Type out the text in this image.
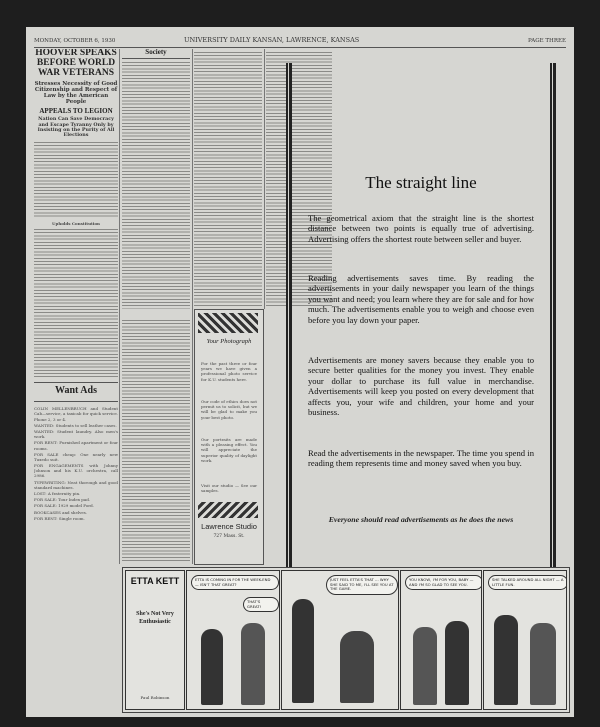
MONDAY, OCTOBER 6, 1930	UNIVERSITY DAILY KANSAN, LAWRENCE, KANSAS	PAGE THREE
HOOVER SPEAKS BEFORE WORLD WAR VETERANS
Stresses Necessity of Good Citizenship and Respect of Law by the American People
APPEALS TO LEGION
Nation Can Save Democracy and Escape Tyranny Only by Insisting on the Purity of All Elections
Upholds Constitution
Want Ads
COLIN MELLENBRUCH and Student Cab—service, a taxicab for quick service. Phone 2, 3 or 4.
WANTED: Students to sell leather cases.
WANTED: Student laundry. Also men's work.
FOR RENT: Furnished apartment or four rooms.
FOR SALE cheap: One nearly new Tuxedo suit.
FOR ENGAGEMENTS with Johnny Johnson and his K.U. orchestra, call 2986.
TYPEWRITING: Neat thorough and good standard machines.
LOST: A fraternity pin.
FOR SALE: Tour Index pad.
FOR SALE: 1929 model Ford.
BOOKCASES and shelves.
FOR RENT: Single room.
Society
Your Photograph
For the past three or four years we have given a professional photo service for K.U. students here.
Our code of ethics does not permit us to solicit, but we will be glad to make you your best photo.
Our portraits are made with a pleasing effect. You will appreciate the superior quality of daylight work.
Visit our studio — See our samples.
Lawrence Studio
727 Mass. St.
The straight line

The geometrical axiom that the straight line is the shortest distance between two points is equally true of advertising. Advertising offers the shortest route between seller and buyer.

Reading advertisements saves time. By reading the advertisements in your daily newspaper you learn of the things you want and need; you learn where they are for sale and for how much. The advertisements enable you to weigh and choose even before you lay down your paper.

Advertisements are money savers because they enable you to secure better qualities for the money you invest. They enable your dollar to purchase its full value in merchandise. Advertisements will keep you posted on every development that affects you, your wife and children, your home and your business.

Read the advertisements in the newspaper. The time you spend in reading them represents time and money saved when you buy.

Everyone should read advertisements as he does the news
ETTA KETT
She's Not Very Enthusiastic
Paul Robinson
ETTA IS COMING IN FOR THE WEEK-END — ISN'T THAT GREAT?
THAT'S GREAT!
JUST FEEL ETTA'S THAT ... WHY SHE SAID TO ME, I'LL SEE YOU AT THE GAME.
YOU KNOW, I'M FOR YOU, BABY — AND I'M SO GLAD TO SEE YOU.
SHE TALKED AROUND ALL NIGHT — A LITTLE FUN.
